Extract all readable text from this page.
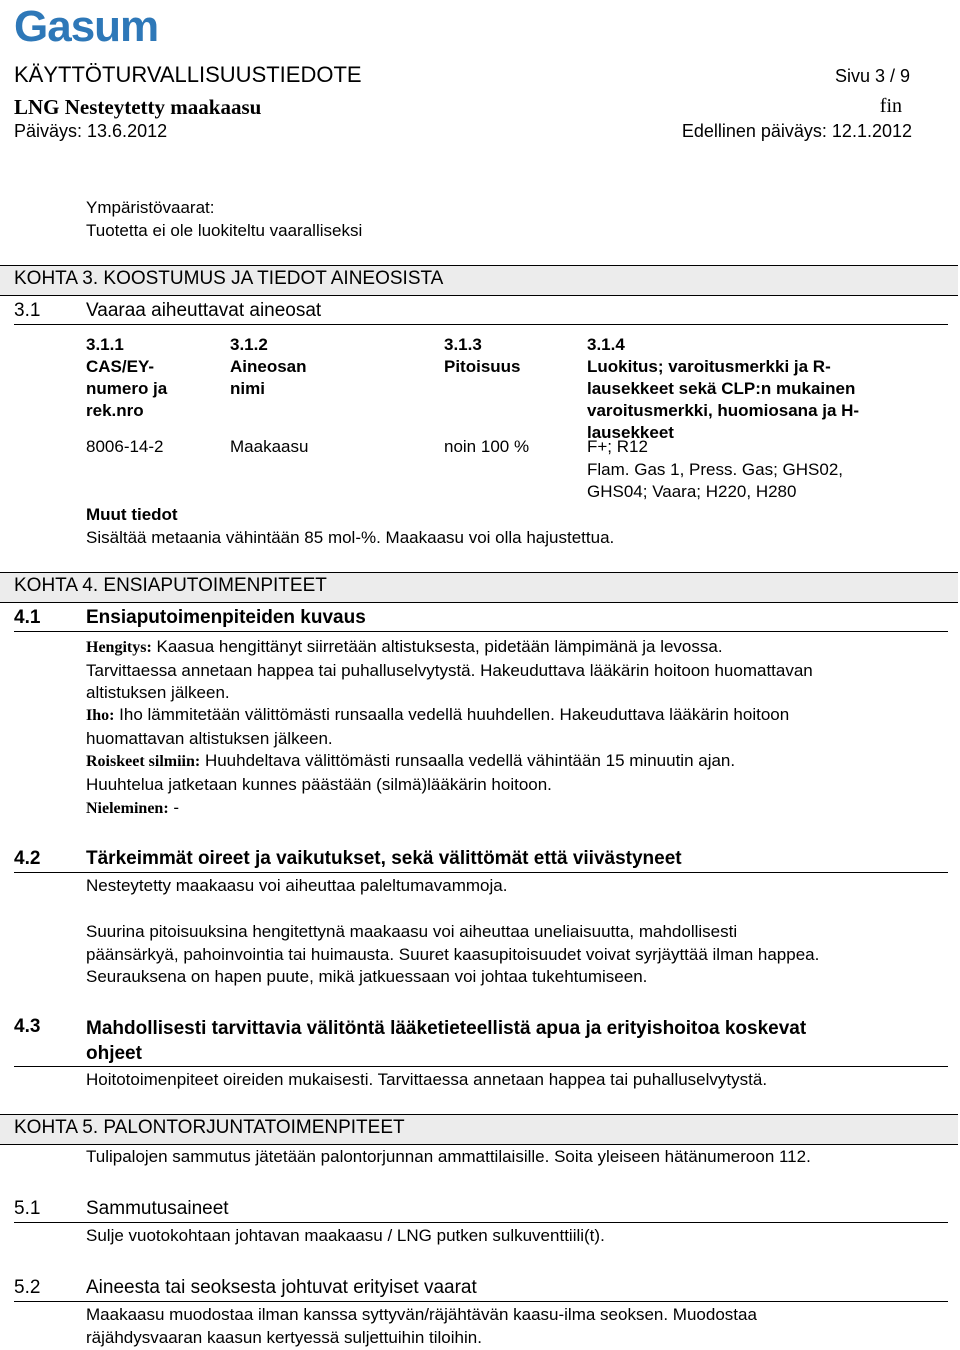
Gasum
KÄYTTÖTURVALLISUUSTIEDOTE	Sivu 3 / 9
LNG Nesteytetty maakaasu	fin
Päiväys: 13.6.2012	Edellinen päiväys: 12.1.2012
Ympäristövaarat:
Tuotetta ei ole luokiteltu vaaralliseksi
KOHTA 3. KOOSTUMUS JA TIEDOT AINEOSISTA
3.1 Vaaraa aiheuttavat aineosat
3.1.1
CAS/EY-
numero ja
rek.nro
3.1.2
Aineosan
nimi
3.1.3
Pitoisuus
3.1.4
Luokitus; varoitusmerkki ja R-
lausekkeet sekä CLP:n mukainen
varoitusmerkki, huomiosana ja H-
lausekkeet
8006-14-2	Maakaasu	noin 100 %	F+; R12
Flam. Gas 1, Press. Gas; GHS02,
GHS04; Vaara; H220, H280
Muut tiedot
Sisältää metaania vähintään 85 mol-%. Maakaasu voi olla hajustettua.
KOHTA 4. ENSIAPUTOIMENPITEET
4.1 Ensiaputoimenpiteiden kuvaus
Hengitys: Kaasua hengittänyt siirretään altistuksesta, pidetään lämpimänä ja levossa.
Tarvittaessa annetaan happea tai puhalluselvytystä. Hakeuduttava lääkärin hoitoon huomattavan
altistuksen jälkeen.
Iho: Iho lämmitetään välittömästi runsaalla vedellä huuhdellen. Hakeuduttava lääkärin hoitoon
huomattavan altistuksen jälkeen.
Roiskeet silmiin: Huuhdeltava välittömästi runsaalla vedellä vähintään 15 minuutin ajan.
Huuhtelua jatketaan kunnes päästään (silmä)lääkärin hoitoon.
Nieleminen: -
4.2 Tärkeimmät oireet ja vaikutukset, sekä välittömät että viivästyneet
Nesteytetty maakaasu voi aiheuttaa paleltumavammoja.
Suurina pitoisuuksina hengitettynä maakaasu voi aiheuttaa uneliaisuutta, mahdollisesti
päänsärkyä, pahoinvointia tai huimausta. Suuret kaasupitoisuudet voivat syrjäyttää ilman happea.
Seurauksena on hapen puute, mikä jatkuessaan voi johtaa tukehtumiseen.
4.3 Mahdollisesti tarvittavia välitöntä lääketieteellistä apua ja erityishoitoa koskevat
ohjeet
Hoitotoimenpiteet oireiden mukaisesti. Tarvittaessa annetaan happea tai puhalluselvytystä.
KOHTA 5. PALONTORJUNTATOIMENPITEET
Tulipalojen sammutus jätetään palontorjunnan ammattilaisille. Soita yleiseen hätänumeroon 112.
5.1 Sammutusaineet
Sulje vuotokohtaan johtavan maakaasu / LNG putken sulkuventtiili(t).
5.2 Aineesta tai seoksesta johtuvat erityiset vaarat
Maakaasu muodostaa ilman kanssa syttyvän/räjähtävän kaasu-ilma seoksen. Muodostaa
räjähdysvaaran kaasun kertyessä suljettuihin tiloihin.
